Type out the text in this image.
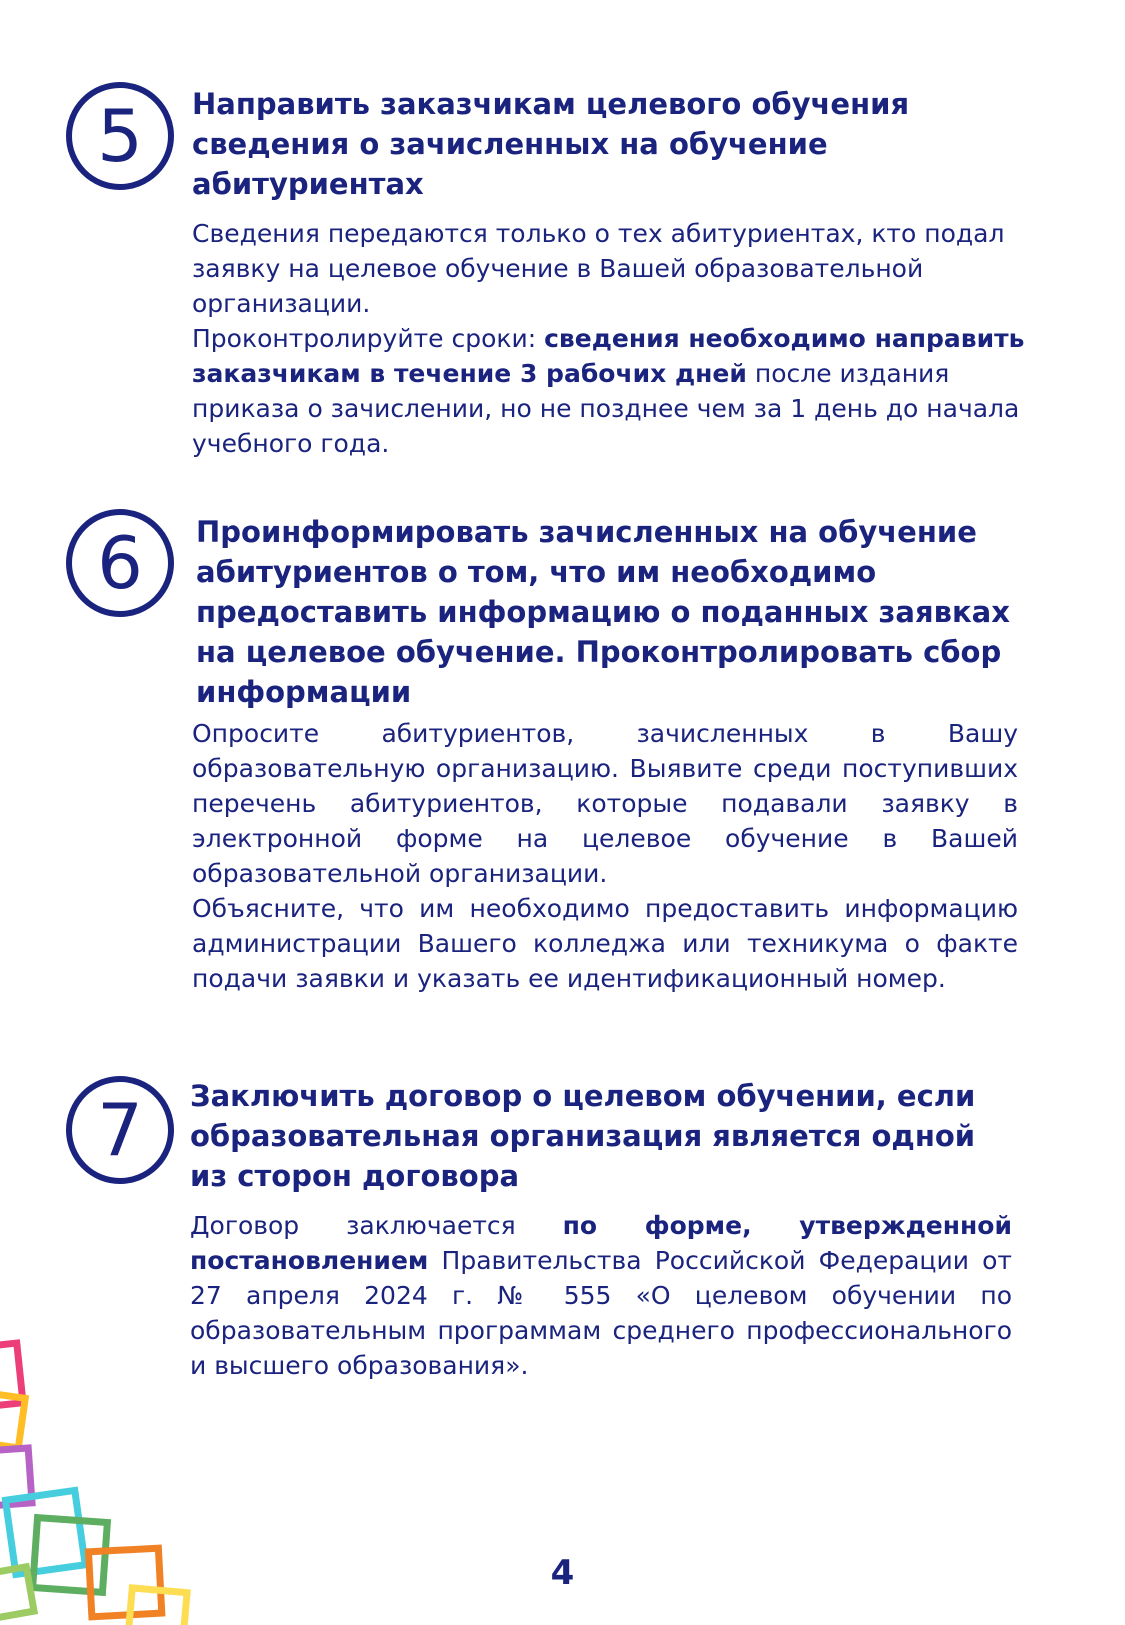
5	Направить заказчикам целевого обучения сведения о зачисленных на обучение абитуриентах

Сведения передаются только о тех абитуриентах, кто подал заявку на целевое обучение в Вашей образовательной организации.

Проконтролируйте сроки: сведения необходимо направить заказчикам в течение 3 рабочих дней после издания приказа о зачислении, но не позднее чем за 1 день до начала учебного года.

6	Проинформировать зачисленных на обучение абитуриентов о том, что им необходимо предоставить информацию о поданных заявках на целевое обучение. Проконтролировать сбор информации

Опросите абитуриентов, зачисленных в Вашу образовательную организацию. Выявите среди поступивших перечень абитуриентов, которые подавали заявку в электронной форме на целевое обучение в Вашей образовательной организации.

Объясните, что им необходимо предоставить информацию администрации Вашего колледжа или техникума о факте подачи заявки и указать ее идентификационный номер.

7	Заключить договор о целевом обучении, если образовательная организация является одной из сторон договора

Договор заключается по форме, утвержденной постановлением Правительства Российской Федерации от 27 апреля 2024 г. № 555 «О целевом обучении по образовательным программам среднего профессионального и высшего образования».

4
